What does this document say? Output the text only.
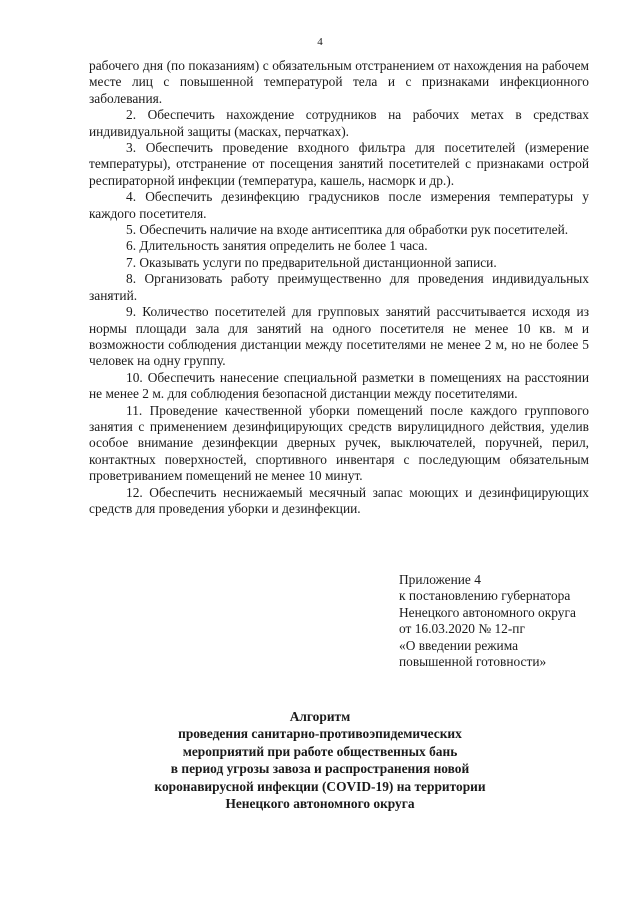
4

рабочего дня (по показаниям) с обязательным отстранением от нахождения на рабочем месте лиц с повышенной температурой тела и с признаками инфекционного заболевания.

2. Обеспечить нахождение сотрудников на рабочих метах в средствах индивидуальной защиты (масках, перчатках).

3. Обеспечить проведение входного фильтра для посетителей (измерение температуры), отстранение от посещения занятий посетителей с признаками острой респираторной инфекции (температура, кашель, насморк и др.).

4. Обеспечить дезинфекцию градусников после измерения температуры у каждого посетителя.

5. Обеспечить наличие на входе антисептика для обработки рук посетителей.

6. Длительность занятия определить не более 1 часа.

7. Оказывать услуги по предварительной дистанционной записи.

8. Организовать работу преимущественно для проведения индивидуальных занятий.

9. Количество посетителей для групповых занятий рассчитывается исходя из нормы площади зала для занятий на одного посетителя не менее 10 кв. м и возможности соблюдения дистанции между посетителями не менее 2 м, но не более 5 человек на одну группу.

10. Обеспечить нанесение специальной разметки в помещениях на расстоянии не менее 2 м. для соблюдения безопасной дистанции между посетителями.

11. Проведение качественной уборки помещений после каждого группового занятия с применением дезинфицирующих средств вирулицидного действия, уделив особое внимание дезинфекции дверных ручек, выключателей, поручней, перил, контактных поверхностей, спортивного инвентаря с последующим обязательным проветриванием помещений не менее 10 минут.

12. Обеспечить неснижаемый месячный запас моющих и дезинфицирующих средств для проведения уборки и дезинфекции.

Приложение 4
к постановлению губернатора
Ненецкого автономного округа
от 16.03.2020 № 12-пг
«О введении режима
повышенной готовности»
Алгоритм
проведения санитарно-противоэпидемических
мероприятий при работе общественных бань
в период угрозы завоза и распространения новой
коронавирусной инфекции (COVID-19) на территории
Ненецкого автономного округа
